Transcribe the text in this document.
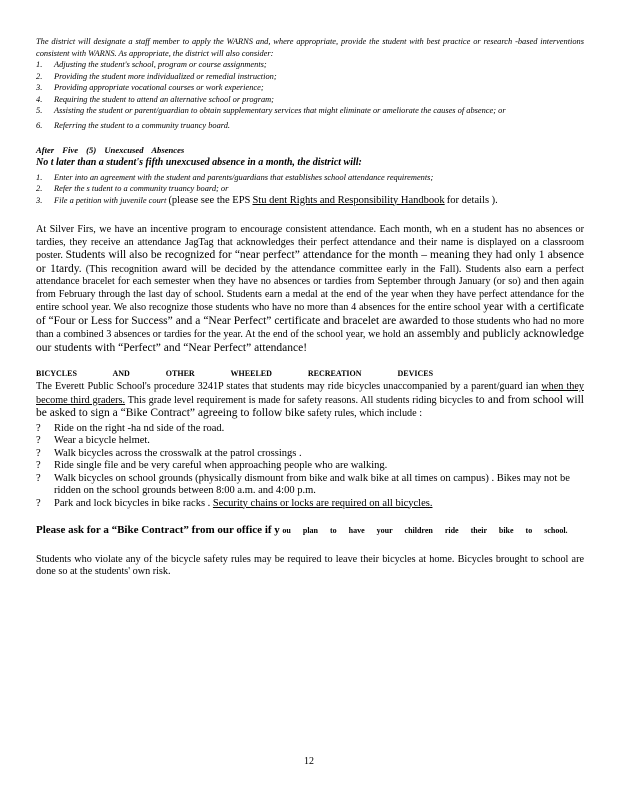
The district will designate a staff member to apply the WARNS and, where appropriate, provide the student with best practice or research -based interventions consistent with WARNS. As appropriate, the district will also consider:

1. Adjusting the student's school, program or course assignments;
2. Providing the student more individualized or remedial instruction;
3. Providing appropriate vocational courses or work experience;
4. Requiring the student to attend an alternative school or program;
5. Assisting the student or parent/guardian to obtain supplementary services that might eliminate or ameliorate the causes of absence; or
6. Referring the student to a community truancy board.

After Five (5) Unexcused Absences

No t later than a student's fifth unexcused absence in a month, the district will:

1. Enter into an agreement with the student and parents/guardians that establishes school attendance requirements;
2. Refer the s tudent to a community truancy board; or
3. File a petition with juvenile court (please see the EPS Stu dent Rights and Responsibility Handbook for details ).

At Silver Firs, we have an incentive program to encourage consistent attendance. Each month, wh en a student has no absences or tardies, they receive an attendance JagTag that acknowledges their perfect attendance and their name is displayed on a classroom poster. Students will also be recognized for “near perfect” attendance for the month – meaning they had only 1 absence or 1tardy. (This recognition award will be decided by the attendance committee early in the Fall). Students also earn a perfect attendance bracelet for each semester when they have no absences or tardies from September through January (or so) and then again from February through the last day of school. Students earn a medal at the end of the year when they have perfect attendance for the entire school year. We also recognize those students who have no more than 4 absences for the entire school year with a certificate of “Four or Less for Success” and a “Near Perfect” certificate and bracelet are awarded to those students who had no more than a combined 3 absences or tardies for the year. At the end of the school year, we hold an assembly and publicly acknowledge our students with “Perfect” and “Near Perfect” attendance!

BICYCLES AND OTHER WHEELED RECREATION DEVICES

The Everett Public School's procedure 3241P states that students may ride bicycles unaccompanied by a parent/guard ian when they become third graders. This grade level requirement is made for safety reasons. All students riding bicycles to and from school will be asked to sign a “Bike Contract” agreeing to follow bike safety rules, which include :

? Ride on the right -ha nd side of the road.
? Wear a bicycle helmet.
? Walk bicycles across the crosswalk at the patrol crossings .
? Ride single file and be very careful when approaching people who are walking.
? Walk bicycles on school grounds (physically dismount from bike and walk bike at all times on campus) . Bikes may not be ridden on the school grounds between 8:00 a.m. and 4:00 p.m.
? Park and lock bicycles in bike racks . Security chains or locks are required on all bicycles.

Please ask for a “Bike Contract” from our office if y ou plan to have your children ride their bike to school.

Students who violate any of the bicycle safety rules may be required to leave their bicycles at home. Bicycles brought to school are done so at the students' own risk.

12
